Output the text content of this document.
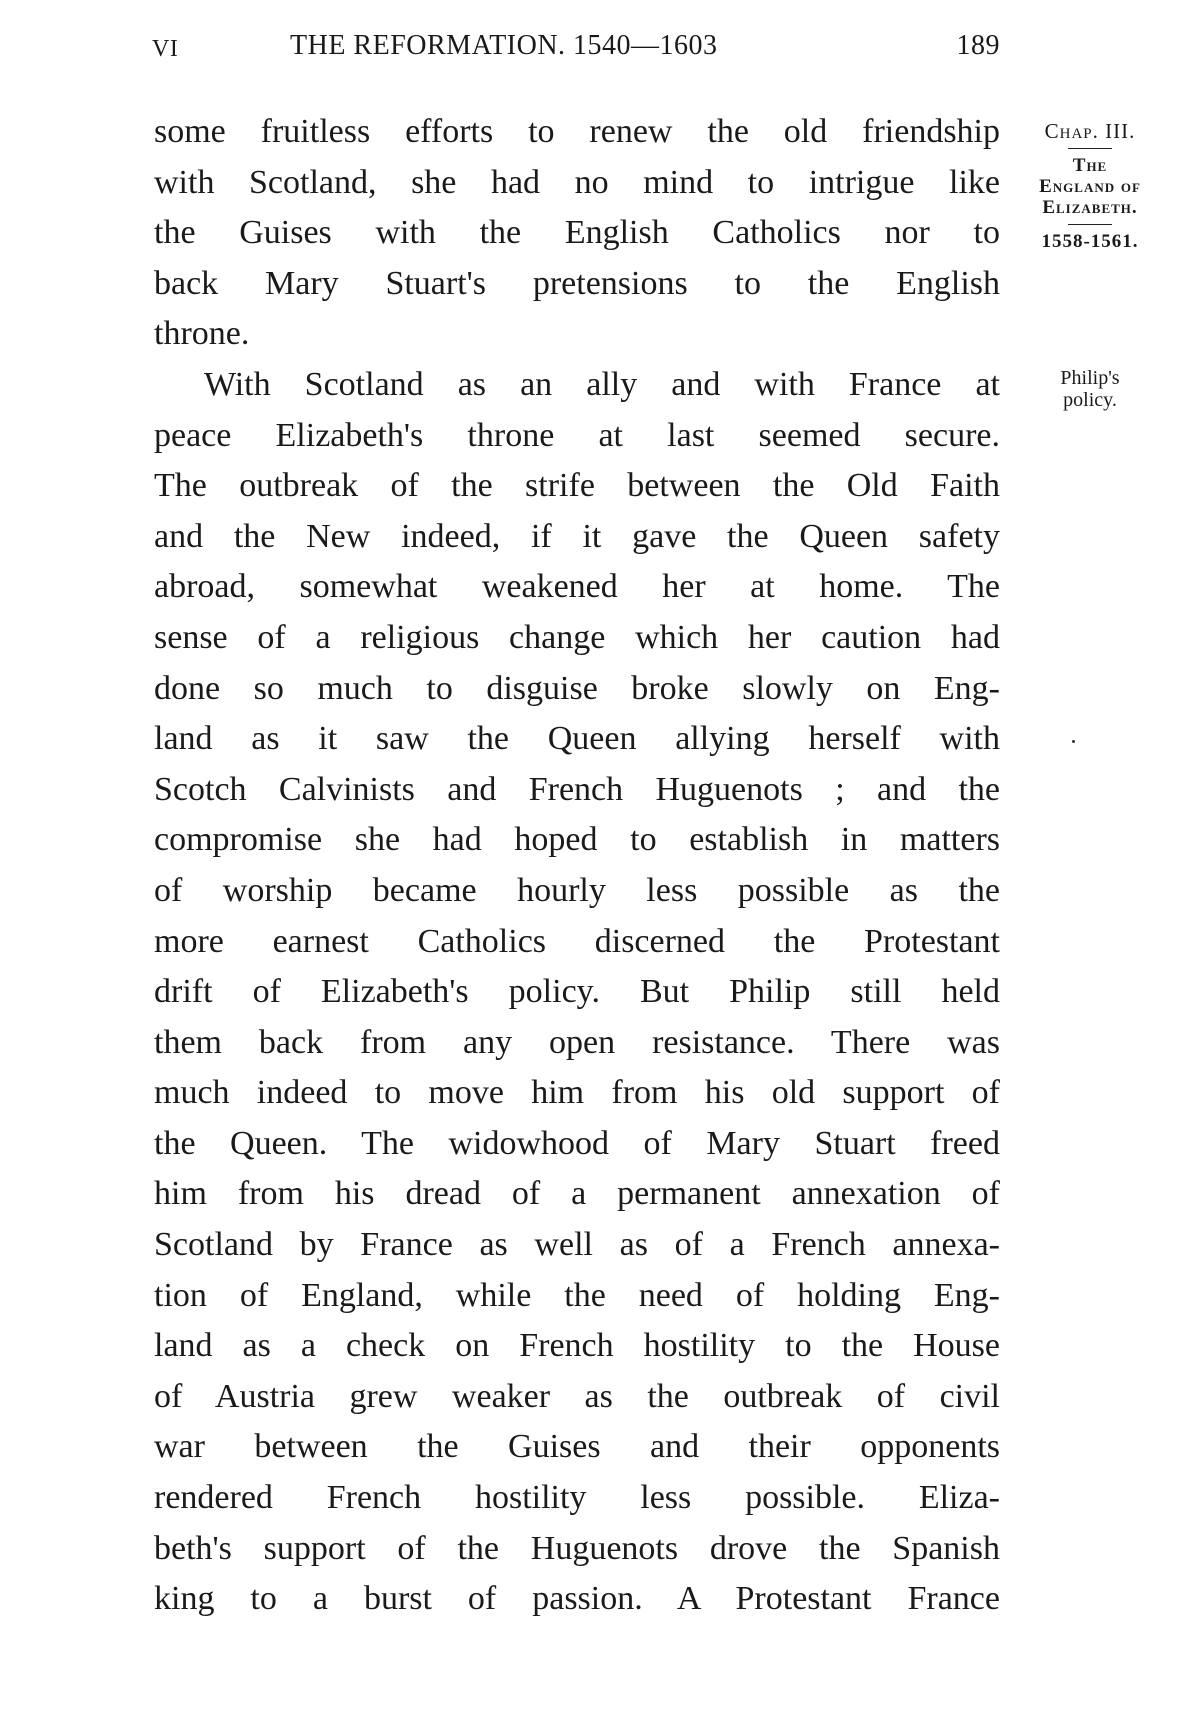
VI	THE REFORMATION. 1540—1603	189
Chap. III.
The
England of
Elizabeth.
1558-1561.
Philip's
policy.
some fruitless efforts to renew the old friendship
with Scotland, she had no mind to intrigue like
the Guises with the English Catholics nor to
back Mary Stuart's pretensions to the English
throne.
With Scotland as an ally and with France at
peace Elizabeth's throne at last seemed secure.
The outbreak of the strife between the Old Faith
and the New indeed, if it gave the Queen safety
abroad, somewhat weakened her at home. The
sense of a religious change which her caution had
done so much to disguise broke slowly on Eng-
land as it saw the Queen allying herself with
Scotch Calvinists and French Huguenots ; and the
compromise she had hoped to establish in matters
of worship became hourly less possible as the
more earnest Catholics discerned the Protestant
drift of Elizabeth's policy. But Philip still held
them back from any open resistance. There was
much indeed to move him from his old support of
the Queen. The widowhood of Mary Stuart freed
him from his dread of a permanent annexation of
Scotland by France as well as of a French annexa-
tion of England, while the need of holding Eng-
land as a check on French hostility to the House
of Austria grew weaker as the outbreak of civil
war between the Guises and their opponents
rendered French hostility less possible. Eliza-
beth's support of the Huguenots drove the Spanish
king to a burst of passion. A Protestant France
